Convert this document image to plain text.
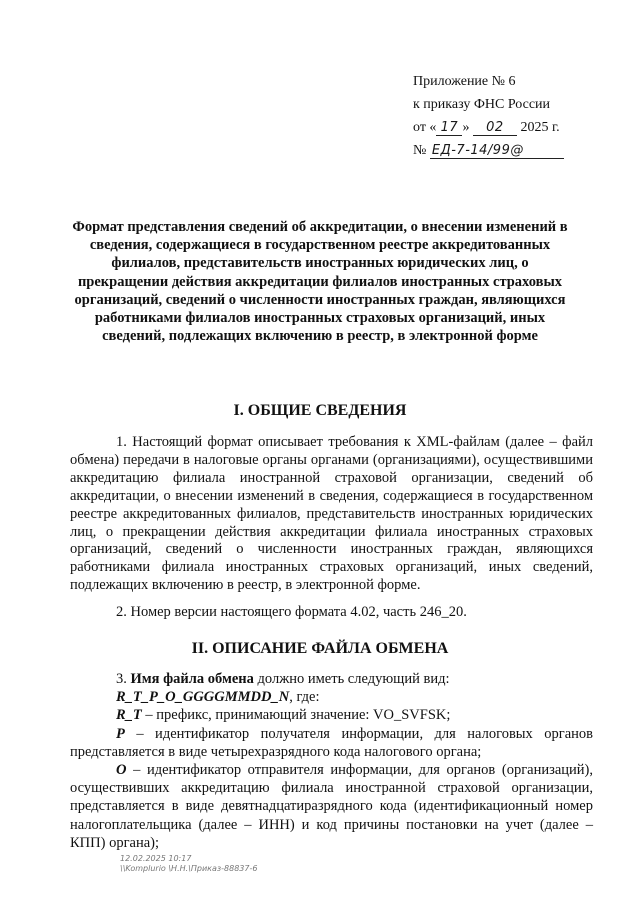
Приложение № 6
к приказу ФНС России
от « 17 » 02 2025 г.
№ ЕД-7-14/99@
Формат представления сведений об аккредитации, о внесении изменений в сведения, содержащиеся в государственном реестре аккредитованных филиалов, представительств иностранных юридических лиц, о прекращении действия аккредитации филиалов иностранных страховых организаций, сведений о численности иностранных граждан, являющихся работниками филиалов иностранных страховых организаций, иных сведений, подлежащих включению в реестр, в электронной форме
I. ОБЩИЕ СВЕДЕНИЯ
1. Настоящий формат описывает требования к XML-файлам (далее – файл обмена) передачи в налоговые органы органами (организациями), осуществившими аккредитацию филиала иностранной страховой организации, сведений об аккредитации, о внесении изменений в сведения, содержащиеся в государственном реестре аккредитованных филиалов, представительств иностранных юридических лиц, о прекращении действия аккредитации филиала иностранных страховых организаций, сведений о численности иностранных граждан, являющихся работниками филиала иностранных страховых организаций, иных сведений, подлежащих включению в реестр, в электронной форме.
2. Номер версии настоящего формата 4.02, часть 246_20.
II. ОПИСАНИЕ ФАЙЛА ОБМЕНА
3. Имя файла обмена должно иметь следующий вид:
R_T_P_O_GGGGMMDD_N, где:
R_T – префикс, принимающий значение: VO_SVFSK;
P – идентификатор получателя информации, для налоговых органов представляется в виде четырехразрядного кода налогового органа;
O – идентификатор отправителя информации, для органов (организаций), осуществивших аккредитацию филиала иностранной страховой организации, представляется в виде девятнадцатиразрядного кода (идентификационный номер налогоплательщика (далее – ИНН) и код причины постановки на учет (далее – КПП) органа);
12.02.2025 10:17
\\Komplurio \Н.Н.\Приказ-88837-6
